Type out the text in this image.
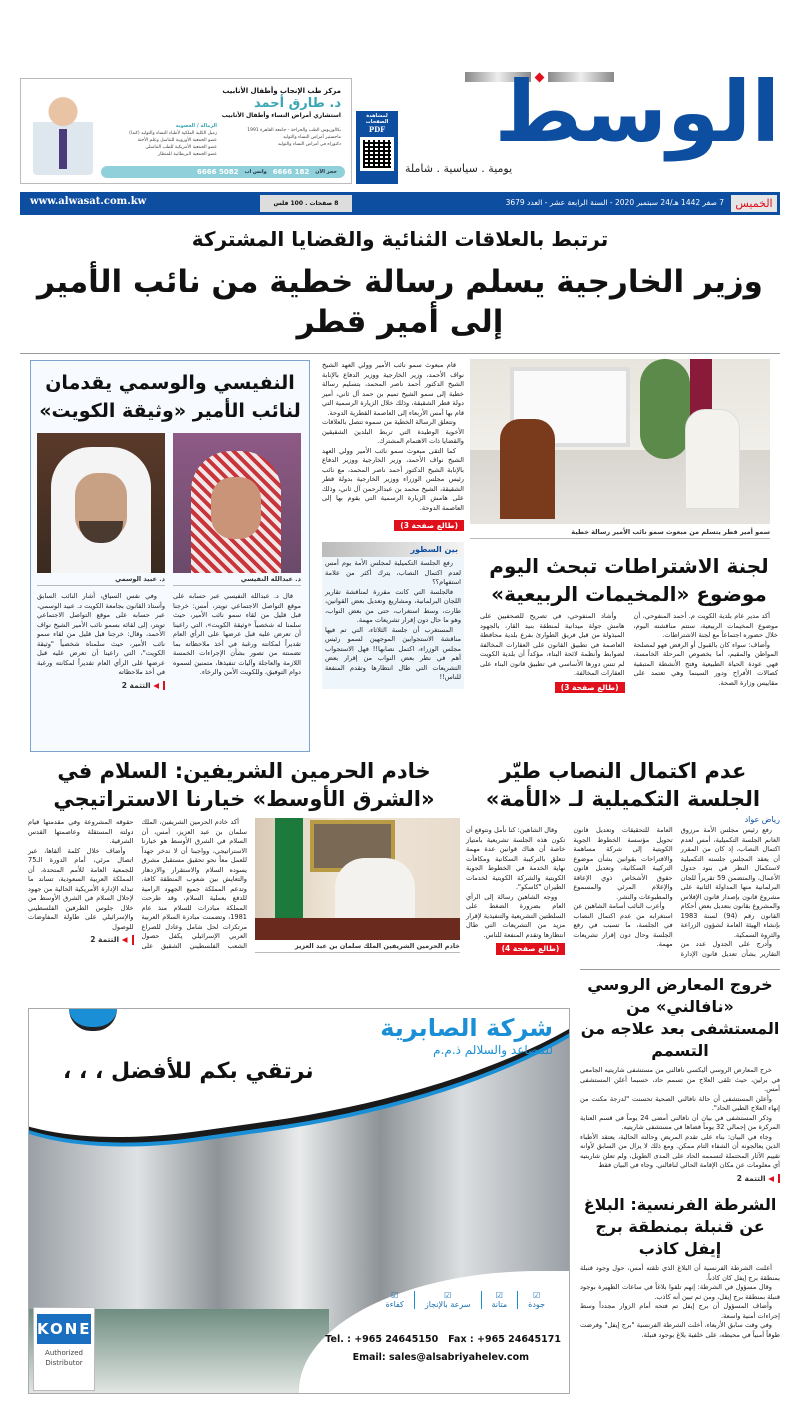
مركز طب الإنجاب وأطفال الأنابيب
د. طارق أحمد
استشاري أمراض النساء وأطفال الأنابيب
بكالوريوس الطب والجراحة - جامعة القاهرة 1991
ماجستير أمراض النساء والتوليد
دكتوراه في أمراض النساء والتوليد
الزمالة / العضوية
زميل الكلية الملكية لأطباء النساء والتوليد (كندا)
عضو الجمعية الأوروبية للتناسل وعلم الأجنة
عضو الجمعية الأمريكية للطب التناسلي
عضو الجمعية البريطانية للمنظار
حجز الآن
182 6666
واتس اب
5082 6666
لمشاهدة الصفحات
PDF الوسط
يومية . سياسية . شاملة
الخميس
7 صفر 1442 هـ/24 سبتمبر 2020 - السنة الرابعة عشر - العدد 3679
8 صفحات . 100 فلس
www.alwasat.com.kw
ترتبط بالعلاقات الثنائية والقضايا المشتركة
وزير الخارجية يسلم رسالة خطية من نائب الأمير إلى أمير قطر
النفيسي والوسمي يقدمان لنائب الأمير «وثيقة الكويت»
د. عبدالله النفيسي

قال د. عبدالله النفيسي عبر حسابه على موقع التواصل الاجتماعي تويتر، أمس: خرجنا قبل قليل من لقاء سمو نائب الأمير، حيث سلمنا له شخصياً «وثيقة الكويت»، التي راعينا أن تعرض عليه قبل عرضها على الرأي العام تقديراً لمكانته ورغبة في أخذ ملاحظاته بما تضمنته من تصور بشأن الإجراءات الخمسة اللازمة والعاجلة وآليات تنفيذها، متمنين لسموه دوام التوفيق، وللكويت الأمن والرخاء.

د. عبيد الوسمي

وفي نفس السياق، أشار النائب السابق وأستاذ القانون بجامعة الكويت د. عبيد الوسمي، عبر حسابه على موقع التواصل الاجتماعي تويتر، إلى لقائه بسمو نائب الأمير الشيخ نواف الأحمد، وقال: خرجنا قبل قليل من لقاء سمو نائب الأمير، حيث سلمناه شخصياً "وثيقة الكويت"، التي راعينا أن تعرض عليه قبل عرضها على الرأي العام تقديراً لمكانته ورغبة في أخذ ملاحظاته

◀ التتمة 2

قام مبعوث سمو نائب الأمير وولي العهد الشيخ نواف الأحمد، وزير الخارجية ووزير الدفاع بالإنابة الشيخ الدكتور أحمد ناصر المحمد، بتسليم رسالة خطية إلى سمو الشيخ تميم بن حمد آل ثاني، أمير دولة قطر الشقيقة، وذلك خلال الزيارة الرسمية التي قام بها أمس الأربعاء إلى العاصمة القطرية الدوحة.

وتتعلق الرسالة الخطية من سموه تتصل بالعلاقات الأخوية الوطيدة التي تربط البلدين الشقيقين والقضايا ذات الاهتمام المشترك.

كما التقى مبعوث سمو نائب الأمير وولي العهد الشيخ نواف الأحمد، وزير الخارجية ووزير الدفاع بالإنابة الشيخ الدكتور أحمد ناصر المحمد، مع نائب رئيس مجلس الوزراء ووزير الخارجية بدولة قطر الشقيقة، الشيخ محمد بن عبدالرحمن آل ثاني، وذلك على هامش الزيارة الرسمية التي يقوم بها إلى العاصمة الدوحة.

(طالع صفحة 3)
بين السطور

رفع الجلسة التكميلية لمجلس الأمة يوم أمس لعدم اكتمال النصاب، يترك أكثر من علامة استفهام؟؟

فالجلسة التي كانت مقررة لمناقشة تقارير اللجان البرلمانية، ومشاريع وتعديل بعض القوانين، طارت، وسط استغراب، حتى من بعض النواب، وهو ما حال دون إقرار تشريعات مهمة.

المستغرب أن جلسة الثلاثاء، التي تم فيها مناقشة الاستجوابين الموجهين لسمو رئيس مجلس الوزراء، اكتمل نصابها!! فهل الاستجواب أهم في نظر بعض النواب من إقرار بعض التشريعات التي طال انتظارها وتقدم المنفعة للناس!!

سمو أمير قطر يتسلم من مبعوث سمو نائب الأمير رسالة خطية
لجنة الاشتراطات تبحث اليوم موضوع «المخيمات الربيعية»

أكد مدير عام بلدية الكويت م. أحمد المنفوحي، أن موضوع المخيمات الربيعية، ستتم مناقشته اليوم، خلال حضوره اجتماعاً مع لجنة الاشتراطات.

وأضاف: سواء كان بالقبول أو الرفض فهو لمصلحة المواطن والمقيم، أما بخصوص المرحلة الخامسة، فهي عودة الحياة الطبيعية وفتح الأنشطة المتبقية كصالات الأفراح ودور السينما وهي تعتمد على مقاييس وزارة الصحة.

وأشاد المنفوحي، في تصريح للصحفيين على هامش جولة ميدانية لمنطقة بنيد القار، بالجهود المبذولة من قبل فريق الطوارئ بفرع بلدية محافظة العاصمة في تطبيق القانون على العقارات المخالفة لضوابط وأنظمة لائحة البناء، مؤكداً أن بلدية الكويت لم تنس دورها الأساسي في تطبيق قانون البناء على العقارات المخالفة.

(طالع صفحة 3)
خادم الحرمين الشريفين: السلام في «الشرق الأوسط» خيارنا الاستراتيجي
خادم الحرمين الشريفين الملك سلمان بن عبد العزيز

أكد خادم الحرمين الشريفين، الملك سلمان بن عبد العزيز، أمس، أن السلام في الشرق الأوسط هو خيارنا الاستراتيجي، وواجبنا أن لا ندخر جهداً للعمل معاً نحو تحقيق مستقبل مشرق يسوده السلام والاستقرار والازدهار والتعايش بين شعوب المنطقة كافة، وتدعم المملكة جميع الجهود الرامية للدفع بعملية السلام، وقد طرحت المملكة مبادرات للسلام منذ عام 1981، وتضمنت مبادرة السلام العربية مرتكزات لحل شامل وعادل للصراع العربي الإسرائيلي يكفل حصول الشعب الفلسطيني الشقيق على حقوقه المشروعة وفي مقدمتها قيام دولته المستقلة وعاصمتها القدس الشرقية.

وأضاف خلال كلمة ألقاها، عبر اتصال مرئي، أمام الدورة الـ75 للجمعية العامة للأمم المتحدة، أن المملكة العربية السعودية، تساند ما تبذله الإدارة الأمريكية الحالية من جهود لإحلال السلام في الشرق الأوسط من خلال جلوس الطرفين الفلسطيني والإسرائيلي على طاولة المفاوضات للوصول

◀ التتمة 2
شركة الصابرية
للمصاعد والسلالم ذ.م.م
نرتقي بكم للأفضل ، ، ،
☑
جودة
☑
متانة
☑
سرعة بالإنجاز
☑
كفاءة
Tel. : +965 24645150   Fax : +965 24645171
Email: sales@alsabriyahelev.com
KONE
Authorized Distributor
عدم اكتمال النصاب طيّر الجلسة التكميلية لـ «الأمة»
رياض عواد

رفع رئيس مجلس الأمة مرزوق الغانم الجلسة التكميلية، أمس لعدم اكتمال النصاب، إذ كان من المقرر أن يعقد المجلس جلسته التكميلية لاستكمال النظر في بنود جدول الأعمال، والمتضمن 59 تقريراً للجان البرلمانية منها المداولة الثانية على مشروع قانون بإصدار قانون الإفلاس والمشروع بقانون بتعديل بعض أحكام القانون رقم (94) لسنة 1983 بإنشاء الهيئة العامة لشؤون الزراعة والثروة السمكية.

وأدرج على الجدول عدد من التقارير بشأن تعديل قانون الإدارة العامة للتحقيقات وتعديل قانون تحويل مؤسسة الخطوط الجوية الكويتية إلى شركة مساهمة والاقتراحات بقوانين بشأن موضوع التركيبة السكانية، وتعديل قانون حقوق الأشخاص ذوي الإعاقة والإعلام المرئي والمسموع والمطبوعات والنشر.

وأعرب النائب أسامة الشاهين عن استغرابه من عدم اكتمال النصاب في الجلسة، ما تسبب في رفع الجلسة وحال دون إقرار تشريعات مهمة.

وقال الشاهين: كنا نأمل ونتوقع أن تكون هذه الجلسة تشريعية بامتياز خاصة أن هناك قوانين عدة مهمة تتعلق بالتركيبة السكانية ومكافآت نهاية الخدمة في الخطوط الجوية الكويتية والشركة الكويتية لخدمات الطيران "كاسكو".

ووجه الشاهين رسالة إلى الرأي العام بضرورة الضغط على السلطتين التشريعية والتنفيذية لإقرار مزيد من التشريعات التي طال انتظارها وتقدم المنفعة للناس.

(طالع صفحة 4)
خروج المعارض الروسي «نافالني» من المستشفى بعد علاجه من التسمم

خرج المعارض الروسي أليكسي نافالني من مستشفى شاريتيه الجامعي في برلين، حيث تلقى العلاج من تسمم حاد، حسبما أعلن المستشفى أمس.

وأعلن المستشفى أن حالة نافالني الصحية تحسنت "لدرجة مكنت من إنهاء العلاج الطبي الحاد".

وذكر المستشفى في بيان أن نافالني أمضى 24 يوماً في قسم العناية المركزة من إجمالي 32 يوماً قضاها في مستشفى شاريتيه.

وجاء في البيان: بناء على تقدم المريض وحالته الحالية، يعتقد الأطباء الذين يعالجونه أن الشفاء التام ممكن. ومع ذلك لا يزال من السابق لأوانه تقييم الآثار المحتملة لتسممه الحاد على المدى الطويل، ولم تعلن شاريتيه أي معلومات عن مكان الإقامة الحالي لنافالني. وجاء في البيان فقط

◀ التتمة 2
الشرطة الفرنسية: البلاغ عن قنبلة بمنطقة برج إيفل كاذب

أعلنت الشرطة الفرنسية أن البلاغ الذي تلقته أمس، حول وجود قنبلة بمنطقة برج إيفل كان كاذباً.

وقال مسؤول في الشرطة: إنهم تلقوا بلاغاً في ساعات الظهيرة بوجود قنبلة بمنطقة برج إيفل، ومن ثم تبين أنه كاذب.

وأضاف المسؤول أن برج إيفل تم فتحه أمام الزوار مجدداً وسط إجراءات أمنية واسعة.

وفي وقت سابق الأربعاء، أخلت الشرطة الفرنسية "برج إيفل" وفرضت طوقاً أمنياً في محيطه، على خلفية بلاغ بوجود قنبلة.
